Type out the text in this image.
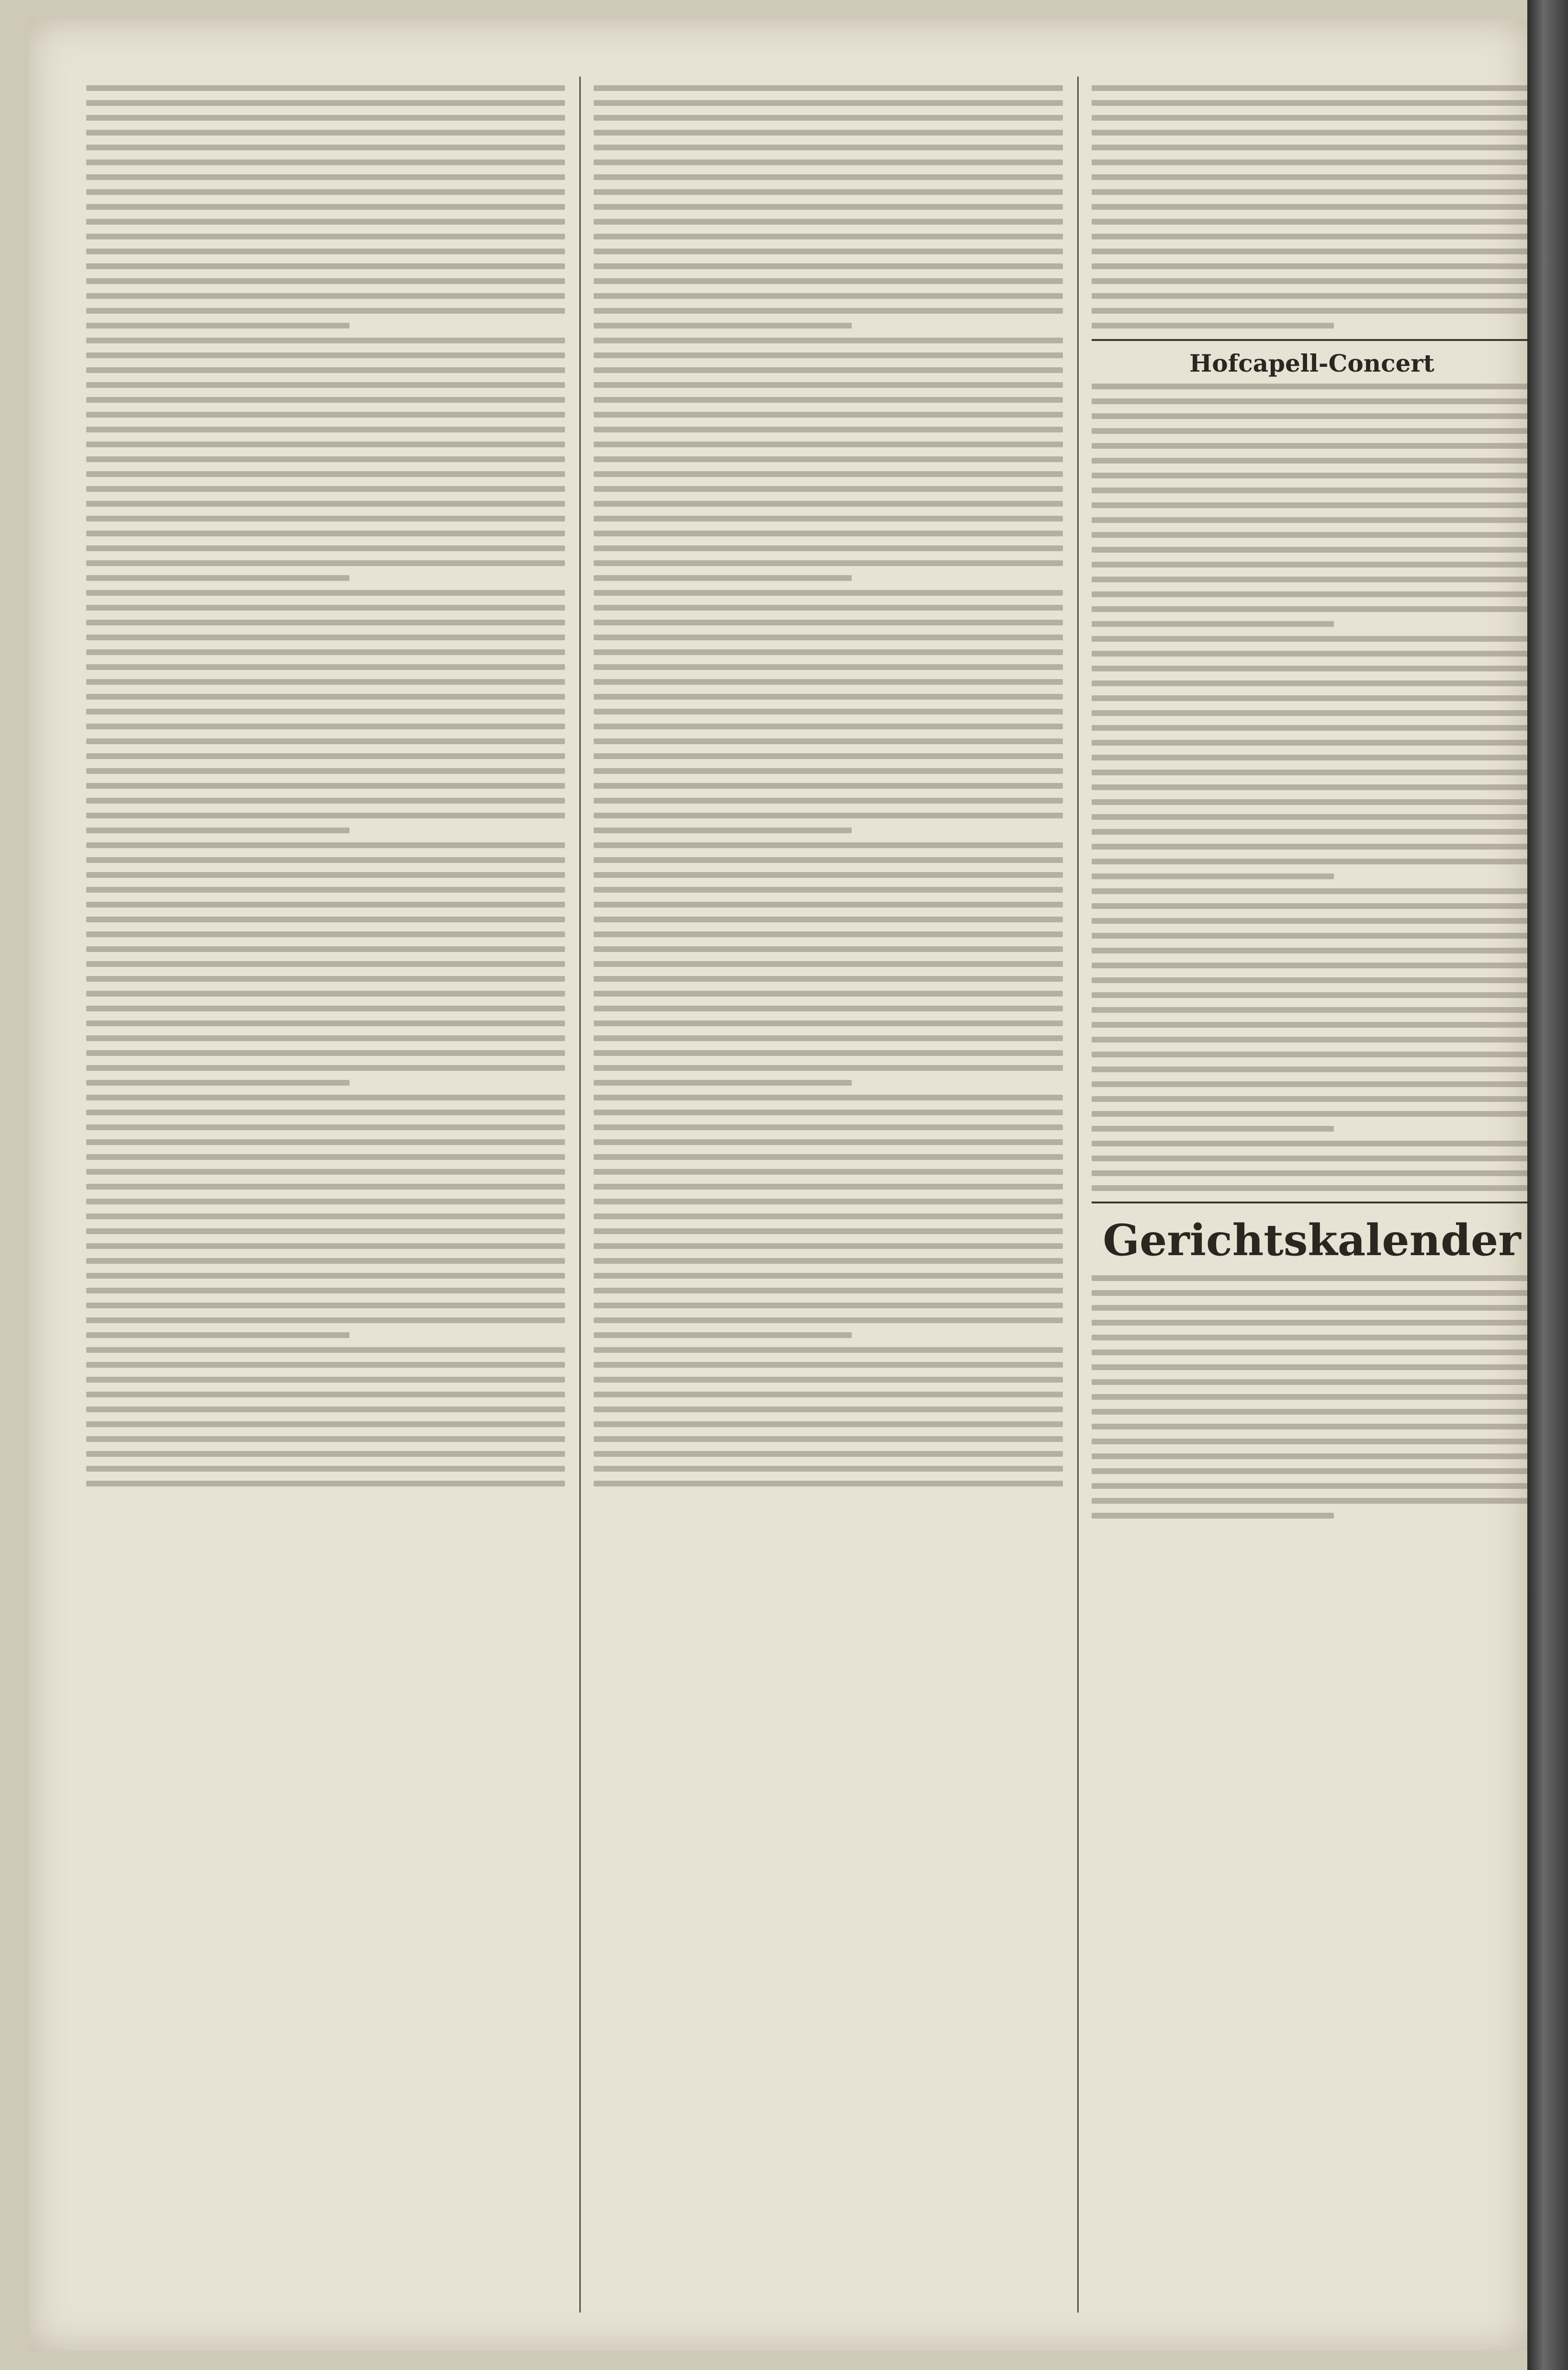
Hofcapell-Concert
Gerichtskalender
